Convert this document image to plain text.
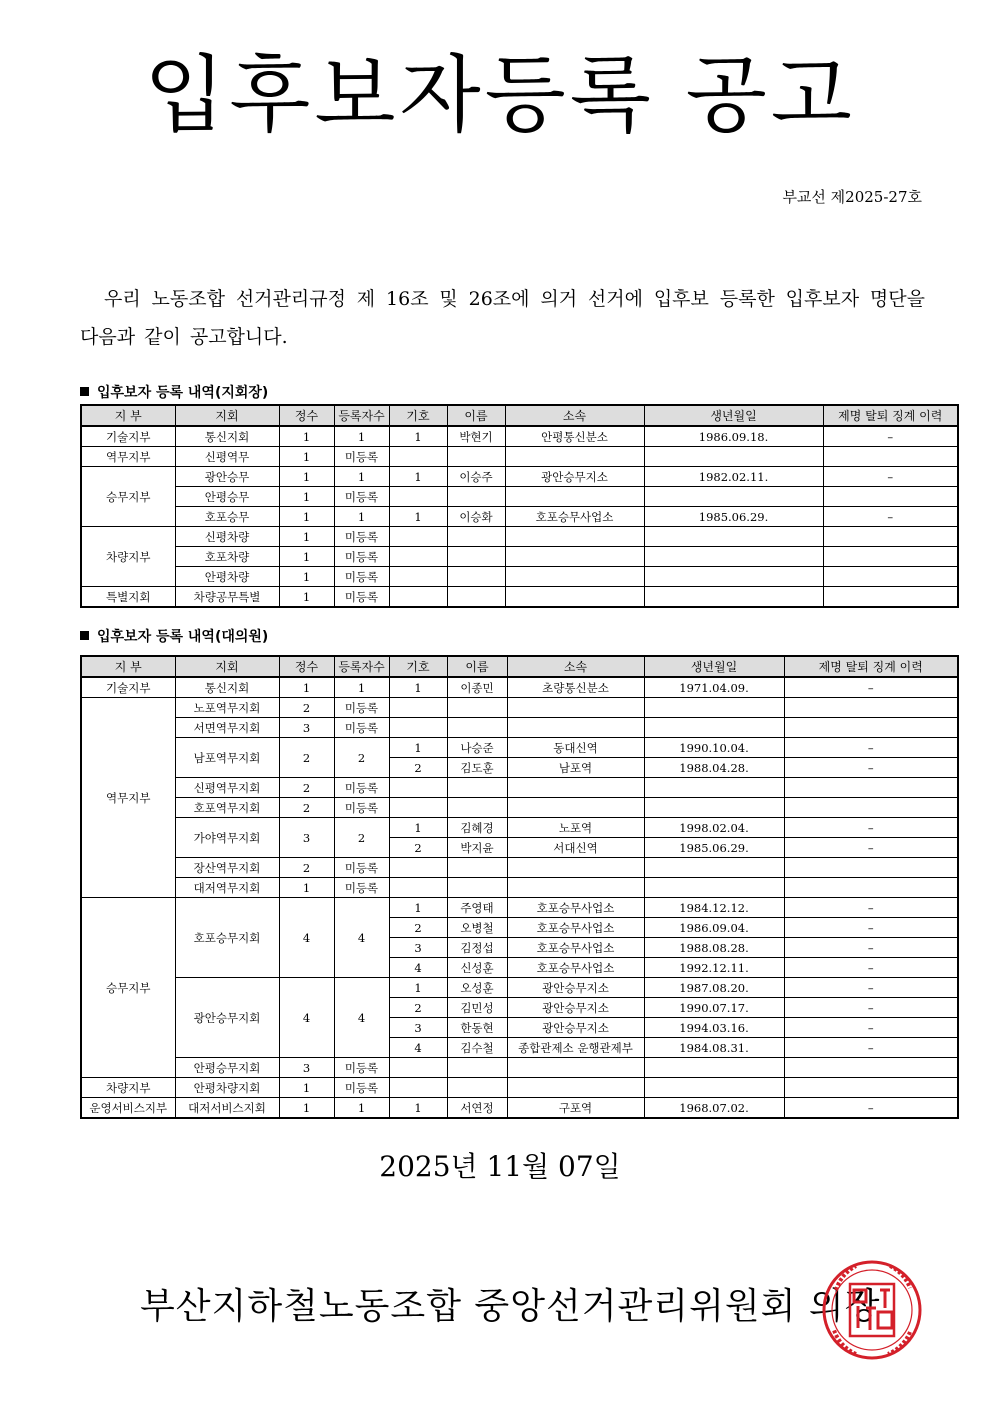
입후보자등록 공고
부교선 제2025-27호
우리 노동조합 선거관리규정 제 16조 및 26조에 의거 선거에 입후보 등록한 입후보자 명단을 다음과 같이 공고합니다.
입후보자 등록 내역(지회장)
지 부	지회	정수	등록자수	기호	이름	소속	생년월일	제명 탈퇴 징계 이력
기술지부	통신지회	1	1	1	박현기	안평통신분소	1986.09.18.	–
역무지부	신평역무	1	미등록					
승무지부	광안승무	1	1	1	이승주	광안승무지소	1982.02.11.	–
	안평승무	1	미등록					
	호포승무	1	1	1	이승화	호포승무사업소	1985.06.29.	–
차량지부	신평차량	1	미등록					
	호포차량	1	미등록					
	안평차량	1	미등록					
특별지회	차량공무특별	1	미등록					
입후보자 등록 내역(대의원)
지 부	지회	정수	등록자수	기호	이름	소속	생년월일	제명 탈퇴 징계 이력
기술지부	통신지회	1	1	1	이종민	초량통신분소	1971.04.09.	–
역무지부	노포역무지회	2	미등록					
	서면역무지회	3	미등록					
	남포역무지회	2	2	1	나승준	동대신역	1990.10.04.	–
				2	김도훈	남포역	1988.04.28.	–
	신평역무지회	2	미등록					
	호포역무지회	2	미등록					
	가야역무지회	3	2	1	김혜경	노포역	1998.02.04.	–
				2	박지윤	서대신역	1985.06.29.	–
	장산역무지회	2	미등록					
	대저역무지회	1	미등록					
승무지부	호포승무지회	4	4	1	주영태	호포승무사업소	1984.12.12.	–
				2	오병철	호포승무사업소	1986.09.04.	–
				3	김정섭	호포승무사업소	1988.08.28.	–
				4	신성훈	호포승무사업소	1992.12.11.	–
	광안승무지회	4	4	1	오성훈	광안승무지소	1987.08.20.	–
				2	김민성	광안승무지소	1990.07.17.	–
				3	한동현	광안승무지소	1994.03.16.	–
				4	김수철	종합관제소 운행관제부	1984.08.31.	–
	안평승무지회	3	미등록					
차량지부	안평차량지회	1	미등록					
운영서비스지부	대저서비스지회	1	1	1	서연정	구포역	1968.07.02.	–
2025년 11월 07일
부산지하철노동조합 중앙선거관리위원회 의장
